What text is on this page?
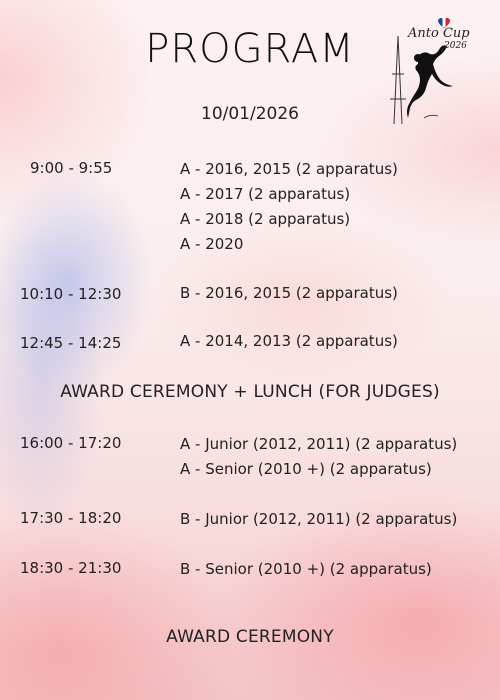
PROGRAM	Anto Cup
2026
10/01/2026
9:00 - 9:55	A - 2016, 2015 (2 apparatus)
A - 2017 (2 apparatus)
A - 2018 (2 apparatus)
A - 2020
10:10 - 12:30	B - 2016, 2015 (2 apparatus)
12:45 - 14:25	A - 2014, 2013 (2 apparatus)
AWARD CEREMONY + LUNCH (FOR JUDGES)
16:00 - 17:20	A - Junior (2012, 2011) (2 apparatus)
A - Senior (2010 +) (2 apparatus)
17:30 - 18:20	B - Junior (2012, 2011) (2 apparatus)
18:30 - 21:30	B - Senior (2010 +) (2 apparatus)
AWARD CEREMONY
